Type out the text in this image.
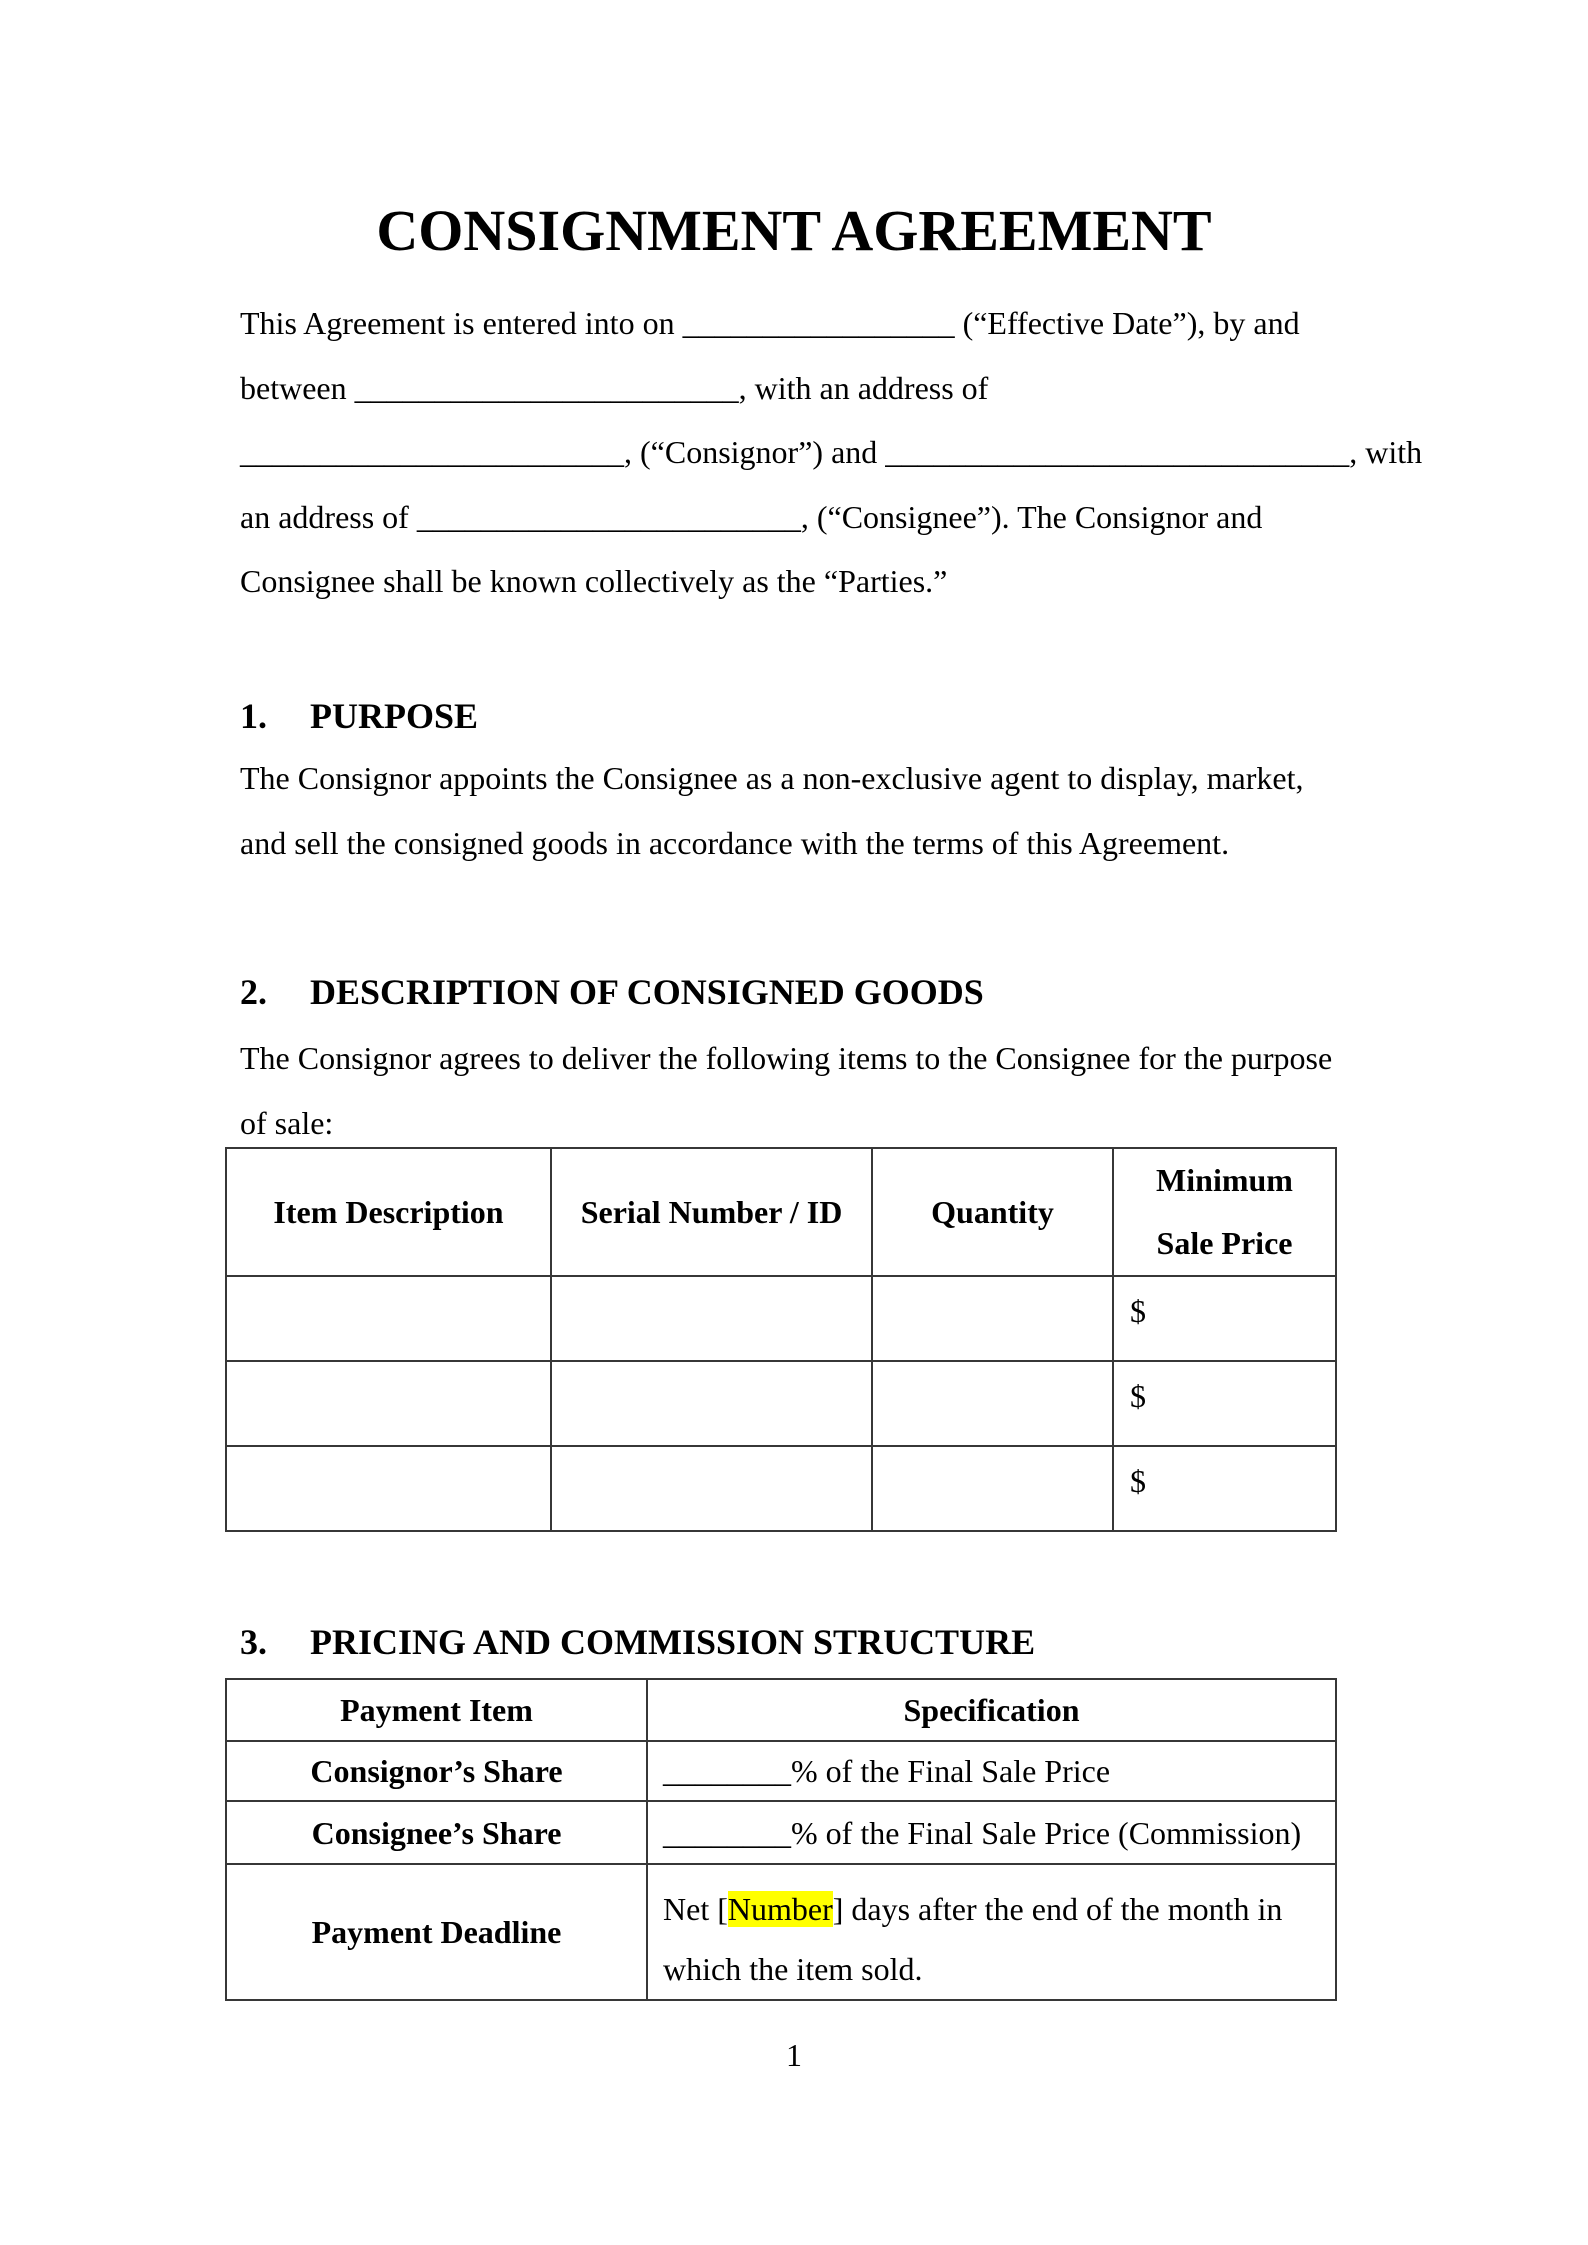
CONSIGNMENT AGREEMENT
This Agreement is entered into on _________________ (“Effective Date”), by and
between ________________________, with an address of
________________________, (“Consignor”) and _____________________________, with
an address of ________________________, (“Consignee”). The Consignor and
Consignee shall be known collectively as the “Parties.”
1. PURPOSE
The Consignor appoints the Consignee as a non-exclusive agent to display, market,
and sell the consigned goods in accordance with the terms of this Agreement.
2. DESCRIPTION OF CONSIGNED GOODS
The Consignor agrees to deliver the following items to the Consignee for the purpose
of sale:
Item Description	Serial Number / ID	Quantity	Minimum
Sale Price

			$
			$
			$
3. PRICING AND COMMISSION STRUCTURE
Payment Item	Specification
Consignor’s Share	________% of the Final Sale Price
Consignee’s Share	________% of the Final Sale Price (Commission)
Payment Deadline	Net [Number] days after the end of the month in
which the item sold.
1
